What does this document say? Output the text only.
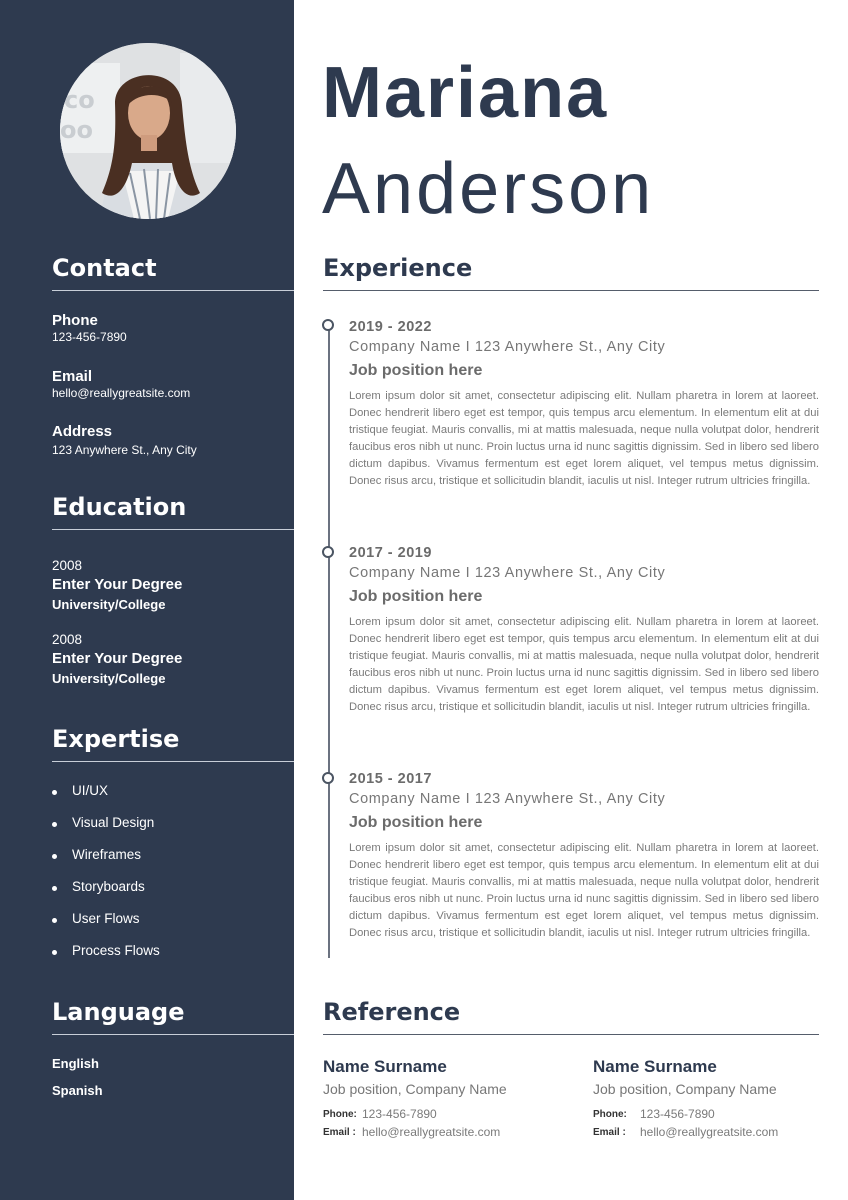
co
oo
Contact
Phone
123-456-7890
Email
hello@reallygreatsite.com
Address
123 Anywhere St., Any City
Education
2008
Enter Your Degree
University/College
2008
Enter Your Degree
University/College
Expertise
UI/UX
Visual Design
Wireframes
Storyboards
User Flows
Process Flows
Language
English
Spanish
Mariana
Anderson
Experience
2019 - 2022
Company Name I 123 Anywhere St., Any City
Job position here
Lorem ipsum dolor sit amet, consectetur adipiscing elit. Nullam pharetra in lorem at laoreet. Donec hendrerit libero eget est tempor, quis tempus arcu elementum. In elementum elit at dui tristique feugiat. Mauris convallis, mi at mattis malesuada, neque nulla volutpat dolor, hendrerit faucibus eros nibh ut nunc. Proin luctus urna id nunc sagittis dignissim. Sed in libero sed libero dictum dapibus. Vivamus fermentum est eget lorem aliquet, vel tempus metus dignissim. Donec risus arcu, tristique et sollicitudin blandit, iaculis ut nisl. Integer rutrum ultricies fringilla.
2017 - 2019
Company Name I 123 Anywhere St., Any City
Job position here
Lorem ipsum dolor sit amet, consectetur adipiscing elit. Nullam pharetra in lorem at laoreet. Donec hendrerit libero eget est tempor, quis tempus arcu elementum. In elementum elit at dui tristique feugiat. Mauris convallis, mi at mattis malesuada, neque nulla volutpat dolor, hendrerit faucibus eros nibh ut nunc. Proin luctus urna id nunc sagittis dignissim. Sed in libero sed libero dictum dapibus. Vivamus fermentum est eget lorem aliquet, vel tempus metus dignissim. Donec risus arcu, tristique et sollicitudin blandit, iaculis ut nisl. Integer rutrum ultricies fringilla.
2015 - 2017
Company Name I 123 Anywhere St., Any City
Job position here
Lorem ipsum dolor sit amet, consectetur adipiscing elit. Nullam pharetra in lorem at laoreet. Donec hendrerit libero eget est tempor, quis tempus arcu elementum. In elementum elit at dui tristique feugiat. Mauris convallis, mi at mattis malesuada, neque nulla volutpat dolor, hendrerit faucibus eros nibh ut nunc. Proin luctus urna id nunc sagittis dignissim. Sed in libero sed libero dictum dapibus. Vivamus fermentum est eget lorem aliquet, vel tempus metus dignissim. Donec risus arcu, tristique et sollicitudin blandit, iaculis ut nisl. Integer rutrum ultricies fringilla.
Reference
Name Surname
Job position, Company Name
Phone: 123-456-7890
Email : hello@reallygreatsite.com
Name Surname
Job position, Company Name
Phone: 123-456-7890
Email : hello@reallygreatsite.com
